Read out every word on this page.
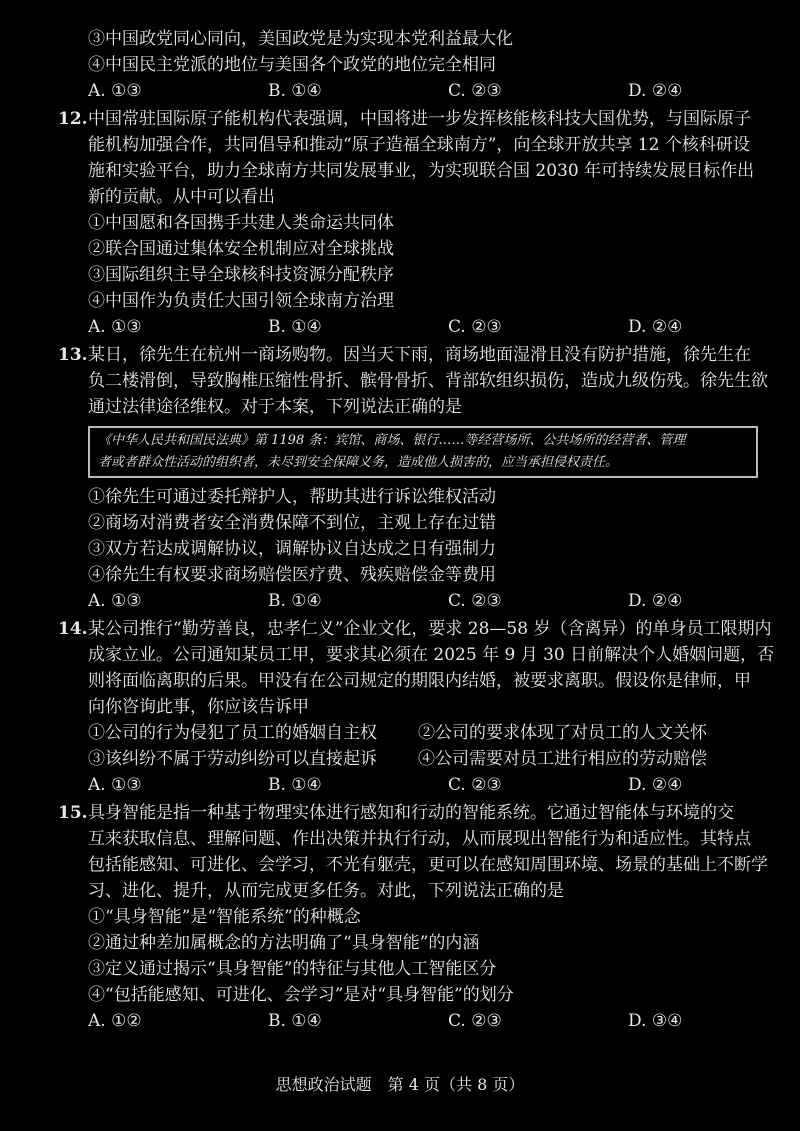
③中国政党同心同向，美国政党是为实现本党利益最大化
④中国民主党派的地位与美国各个政党的地位完全相同
A. ①③	B. ①④	C. ②③	D. ②④
12.中国常驻国际原子能机构代表强调，中国将进一步发挥核能核科技大国优势，与国际原子
能机构加强合作，共同倡导和推动“原子造福全球南方”，向全球开放共享 12 个核科研设
施和实验平台，助力全球南方共同发展事业，为实现联合国 2030 年可持续发展目标作出
新的贡献。从中可以看出
①中国愿和各国携手共建人类命运共同体
②联合国通过集体安全机制应对全球挑战
③国际组织主导全球核科技资源分配秩序
④中国作为负责任大国引领全球南方治理
A. ①③	B. ①④	C. ②③	D. ②④
13.某日，徐先生在杭州一商场购物。因当天下雨，商场地面湿滑且没有防护措施，徐先生在
负二楼滑倒，导致胸椎压缩性骨折、髌骨骨折、背部软组织损伤，造成九级伤残。徐先生欲
通过法律途径维权。对于本案，下列说法正确的是
《中华人民共和国民法典》第 1198 条：宾馆、商场、银行……等经营场所、公共场所的经营者、管理
者或者群众性活动的组织者，未尽到安全保障义务，造成他人损害的，应当承担侵权责任。
①徐先生可通过委托辩护人，帮助其进行诉讼维权活动
②商场对消费者安全消费保障不到位，主观上存在过错
③双方若达成调解协议，调解协议自达成之日有强制力
④徐先生有权要求商场赔偿医疗费、残疾赔偿金等费用
A. ①③	B. ①④	C. ②③	D. ②④
14.某公司推行“勤劳善良，忠孝仁义”企业文化，要求 28—58 岁（含离异）的单身员工限期内
成家立业。公司通知某员工甲，要求其必须在 2025 年 9 月 30 日前解决个人婚姻问题，否
则将面临离职的后果。甲没有在公司规定的期限内结婚，被要求离职。假设你是律师，甲
向你咨询此事，你应该告诉甲
①公司的行为侵犯了员工的婚姻自主权	②公司的要求体现了对员工的人文关怀
③该纠纷不属于劳动纠纷可以直接起诉	④公司需要对员工进行相应的劳动赔偿
A. ①③	B. ①④	C. ②③	D. ②④
15.具身智能是指一种基于物理实体进行感知和行动的智能系统。它通过智能体与环境的交
互来获取信息、理解问题、作出决策并执行行动，从而展现出智能行为和适应性。其特点
包括能感知、可进化、会学习，不光有躯壳，更可以在感知周围环境、场景的基础上不断学
习、进化、提升，从而完成更多任务。对此，下列说法正确的是
①“具身智能”是“智能系统”的种概念
②通过种差加属概念的方法明确了“具身智能”的内涵
③定义通过揭示“具身智能”的特征与其他人工智能区分
④“包括能感知、可进化、会学习”是对“具身智能”的划分
A. ①②	B. ①④	C. ②③	D. ③④
思想政治试题　第 4 页（共 8 页）
